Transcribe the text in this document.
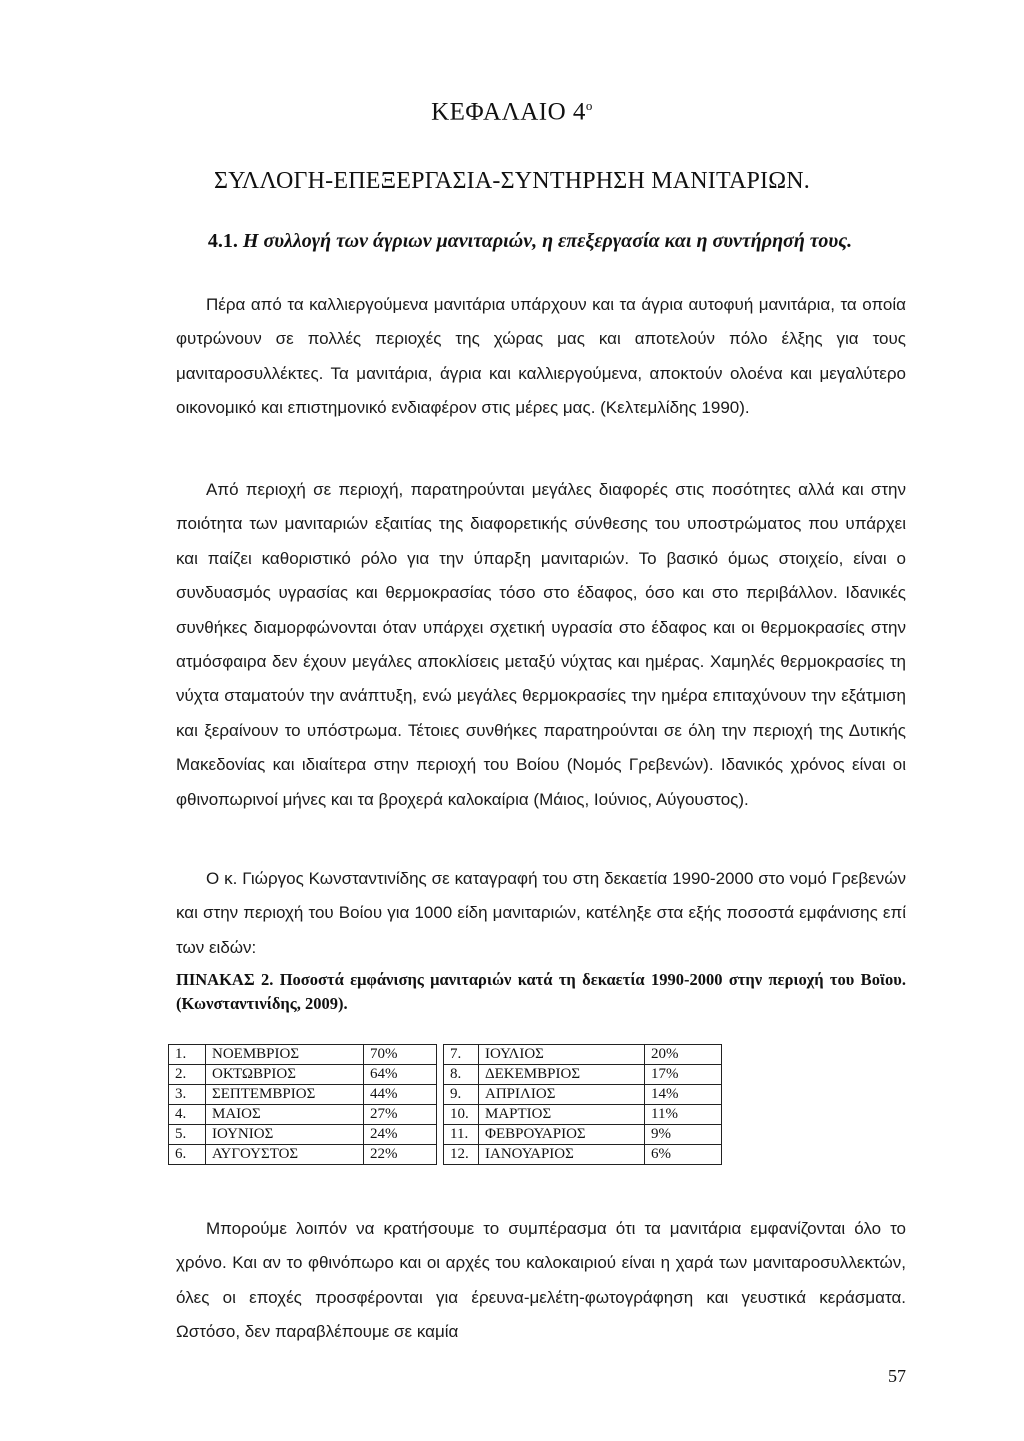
ΚΕΦΑΛΑΙΟ $4^o$
ΣΥΛΛΟΓΗ-ΕΠΕΞΕΡΓΑΣΙΑ-ΣΥΝΤΗΡΗΣΗ ΜΑΝΙΤΑΡΙΩΝ.
4.1. Η συλλογή των άγριων μανιταριών, η επεξεργασία και η συντήρησή τους.

Πέρα από τα καλλιεργούμενα μανιτάρια υπάρχουν και τα άγρια αυτοφυή μανιτάρια, τα οποία φυτρώνουν σε πολλές περιοχές της χώρας μας και αποτελούν πόλο έλξης για τους μανιταροσυλλέκτες. Τα μανιτάρια, άγρια και καλλιεργούμενα, αποκτούν ολοένα και μεγαλύτερο οικονομικό και επιστημονικό ενδιαφέρον στις μέρες μας. (Κελτεμλίδης 1990).

Από περιοχή σε περιοχή, παρατηρούνται μεγάλες διαφορές στις ποσότητες αλλά και στην ποιότητα των μανιταριών εξαιτίας της διαφορετικής σύνθεσης του υποστρώματος που υπάρχει και παίζει καθοριστικό ρόλο για την ύπαρξη μανιταριών. Το βασικό όμως στοιχείο, είναι ο συνδυασμός υγρασίας και θερμοκρασίας τόσο στο έδαφος, όσο και στο περιβάλλον. Ιδανικές συνθήκες διαμορφώνονται όταν υπάρχει σχετική υγρασία στο έδαφος και οι θερμοκρασίες στην ατμόσφαιρα δεν έχουν μεγάλες αποκλίσεις μεταξύ νύχτας και ημέρας. Χαμηλές θερμοκρασίες τη νύχτα σταματούν την ανάπτυξη, ενώ μεγάλες θερμοκρασίες την ημέρα επιταχύνουν την εξάτμιση και ξεραίνουν το υπόστρωμα. Τέτοιες συνθήκες παρατηρούνται σε όλη την περιοχή της Δυτικής Μακεδονίας και ιδιαίτερα στην περιοχή του Βοίου (Νομός Γρεβενών). Ιδανικός χρόνος είναι οι φθινοπωρινοί μήνες και τα βροχερά καλοκαίρια (Μάιος, Ιούνιος, Αύγουστος).

Ο κ. Γιώργος Κωνσταντινίδης σε καταγραφή του στη δεκαετία 1990-2000 στο νομό Γρεβενών και στην περιοχή του Βοίου για 1000 είδη μανιταριών, κατέληξε στα εξής ποσοστά εμφάνισης επί των ειδών:

ΠΙΝΑΚΑΣ 2. Ποσοστά εμφάνισης μανιταριών κατά τη δεκαετία 1990-2000 στην περιοχή του Βοϊου. (Κωνσταντινίδης, 2009).

1.	ΝΟΕΜΒΡΙΟΣ	70%
2.	ΟΚΤΩΒΡΙΟΣ	64%
3.	ΣΕΠΤΕΜΒΡΙΟΣ	44%
4.	ΜΑΙΟΣ	27%
5.	ΙΟΥΝΙΟΣ	24%
6.	ΑΥΓΟΥΣΤΟΣ	22%
7.	ΙΟΥΛΙΟΣ	20%
8.	ΔΕΚΕΜΒΡΙΟΣ	17%
9.	ΑΠΡΙΛΙΟΣ	14%
10.	ΜΑΡΤΙΟΣ	11%
11.	ΦΕΒΡΟΥΑΡΙΟΣ	9%
12.	ΙΑΝΟΥΑΡΙΟΣ	6%

Μπορούμε λοιπόν να κρατήσουμε το συμπέρασμα ότι τα μανιτάρια εμφανίζονται όλο το χρόνο. Και αν το φθινόπωρο και οι αρχές του καλοκαιριού είναι η χαρά των μανιταροσυλλεκτών, όλες οι εποχές προσφέρονται για έρευνα-μελέτη-φωτογράφηση και γευστικά κεράσματα. Ωστόσο, δεν παραβλέπουμε σε καμία

57
